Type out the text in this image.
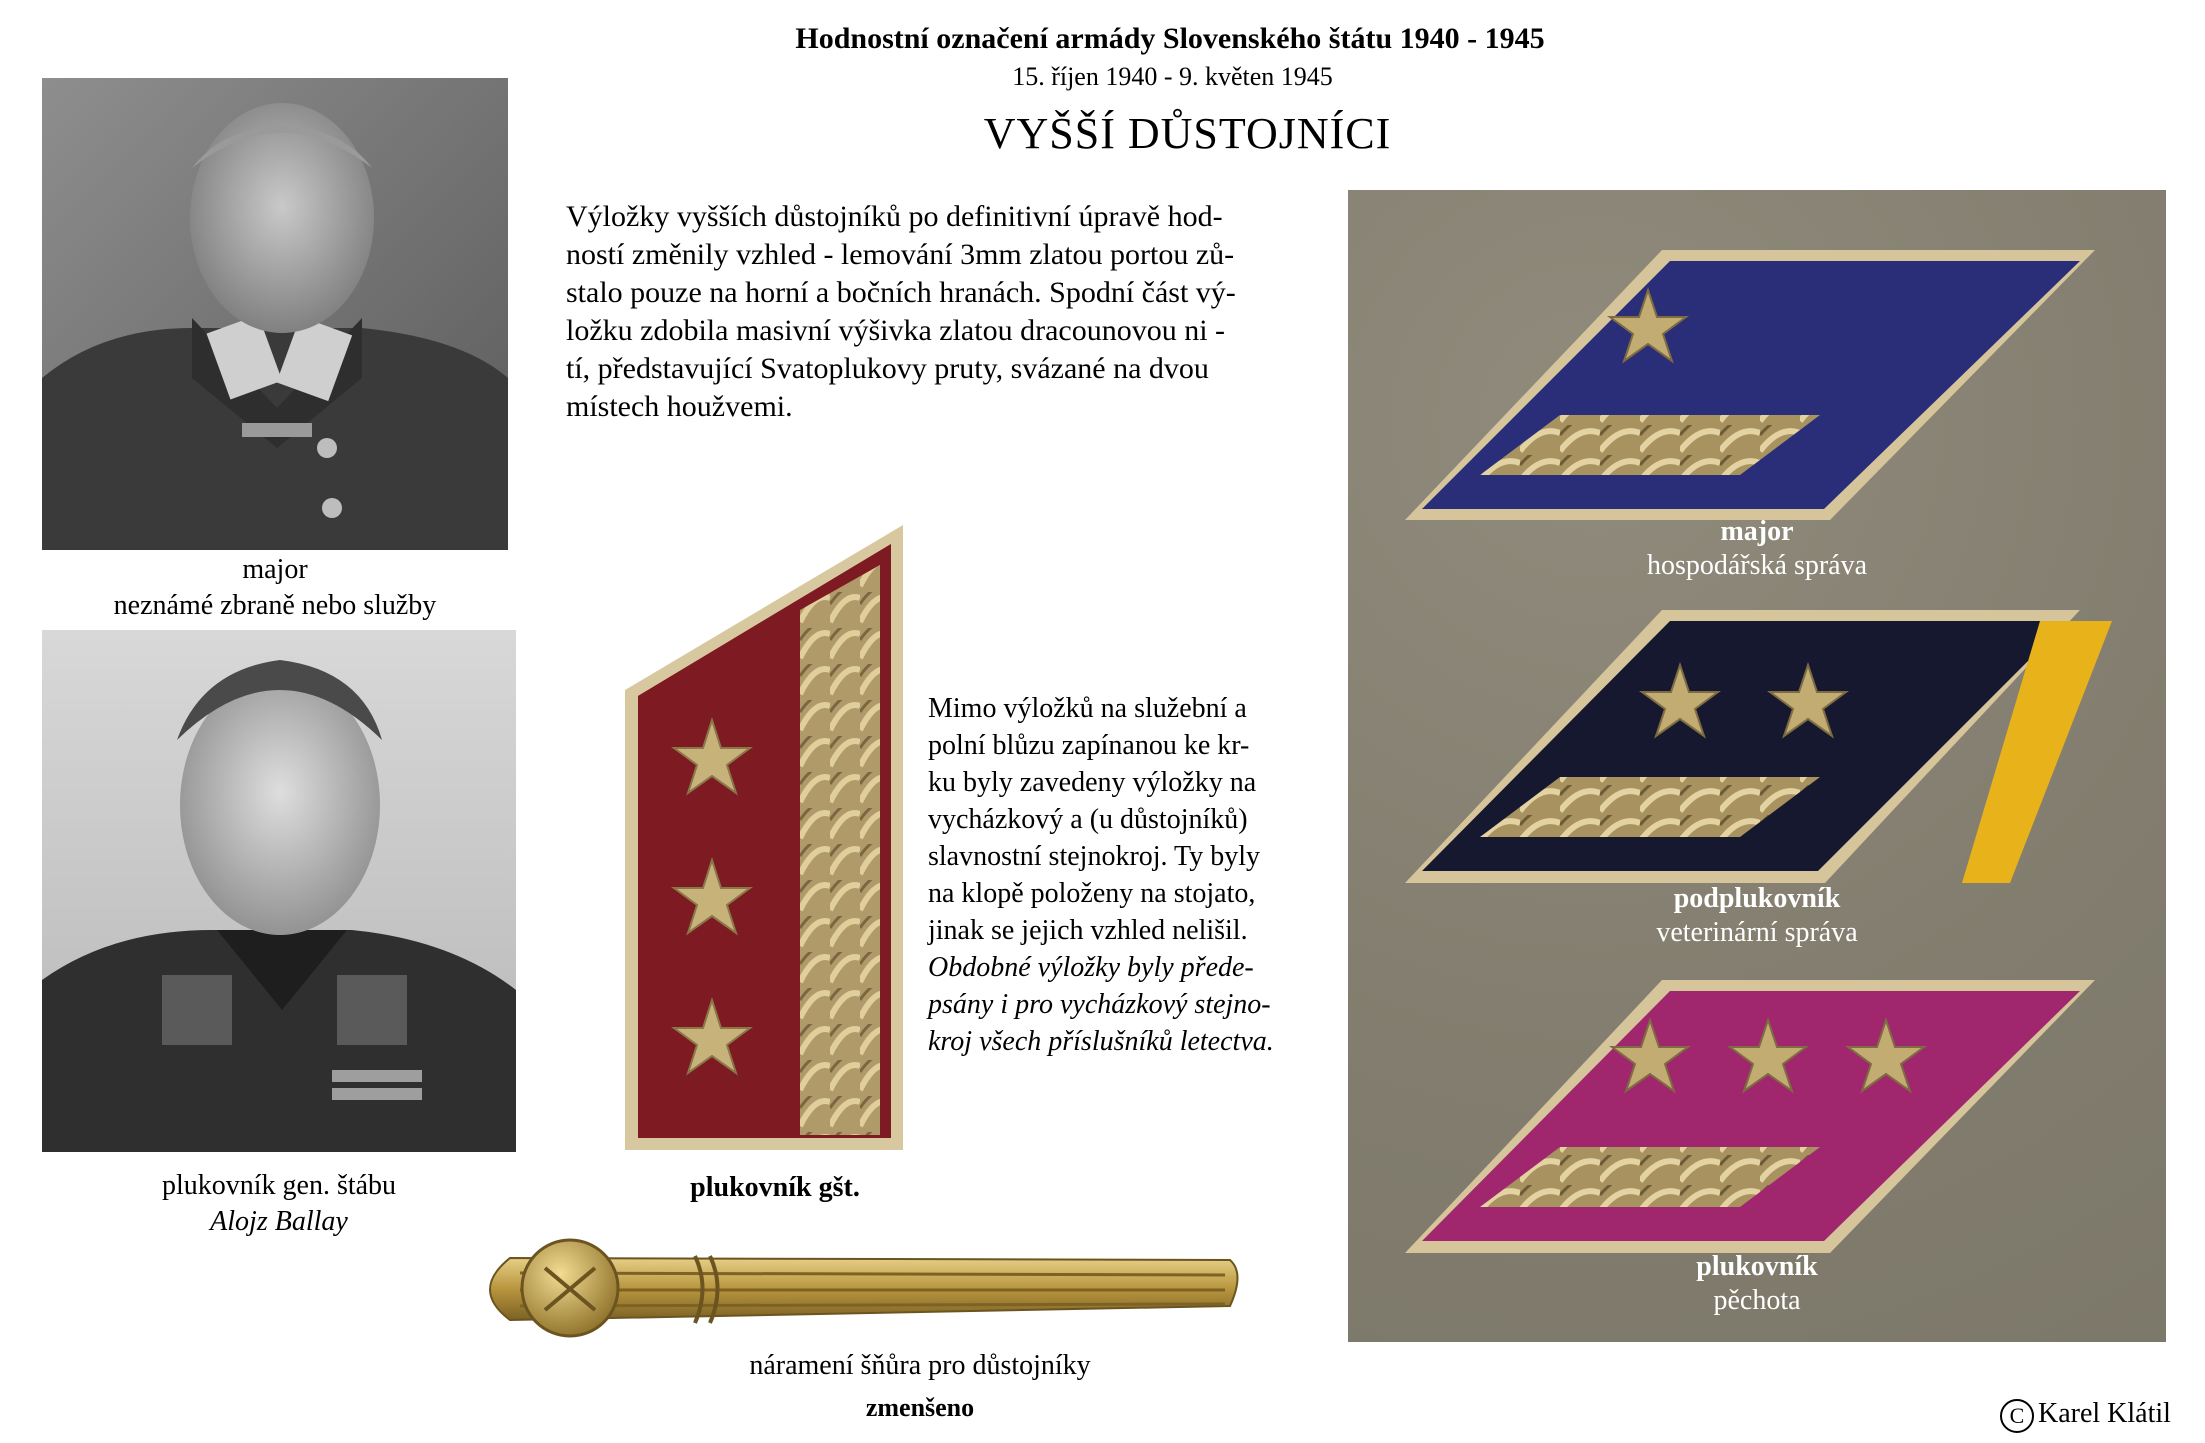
Hodnostní označení armády Slovenského štátu 1940 - 1945
15. říjen 1940 - 9. květen 1945
VYŠŠÍ DŮSTOJNÍCI
major
neznámé zbraně nebo služby
plukovník gen. štábu
Alojz Ballay
Výložky vyšších důstojníků po definitivní úpravě hod-
ností změnily vzhled - lemování 3mm zlatou portou zů-
stalo pouze na horní a bočních hranách. Spodní část vý-
ložku zdobila masivní výšivka zlatou dracounovou ni -
tí, představující Svatoplukovy pruty, svázané na dvou
místech houžvemi.
plukovník gšt.
Mimo výložků na služební a
polní blůzu zapínanou ke kr-
ku byly zavedeny výložky na
vycházkový a (u důstojníků)
slavnostní stejnokroj. Ty byly
na klopě položeny na stojato,
jinak se jejich vzhled nelišil.
Obdobné výložky byly přede-
psány i pro vycházkový stejno-
kroj všech příslušníků letectva.
major
hospodářská správa
podplukovník
veterinární správa
plukovník
pěchota
náramení šňůra pro důstojníky
zmenšeno	C Karel Klátil
